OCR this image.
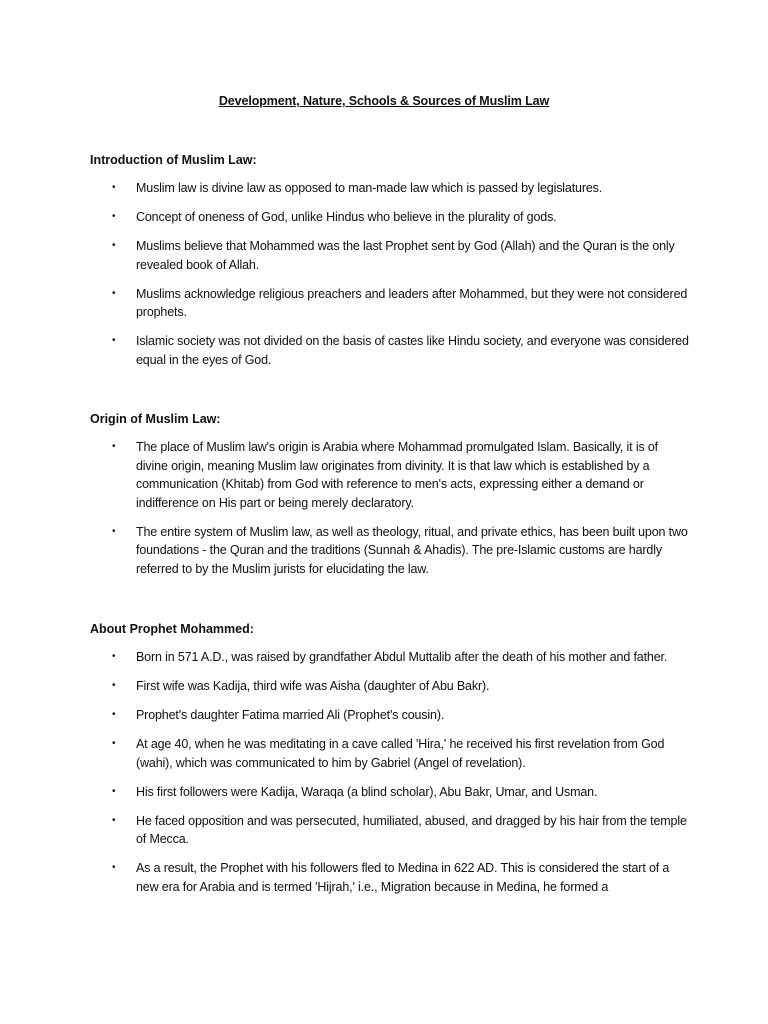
Development, Nature, Schools & Sources of Muslim Law
Introduction of Muslim Law:
• Muslim law is divine law as opposed to man-made law which is passed by legislatures.
• Concept of oneness of God, unlike Hindus who believe in the plurality of gods.
• Muslims believe that Mohammed was the last Prophet sent by God (Allah) and the Quran is the only revealed book of Allah.
• Muslims acknowledge religious preachers and leaders after Mohammed, but they were not considered prophets.
• Islamic society was not divided on the basis of castes like Hindu society, and everyone was considered equal in the eyes of God.
Origin of Muslim Law:
• The place of Muslim law's origin is Arabia where Mohammad promulgated Islam. Basically, it is of divine origin, meaning Muslim law originates from divinity. It is that law which is established by a communication (Khitab) from God with reference to men's acts, expressing either a demand or indifference on His part or being merely declaratory.
• The entire system of Muslim law, as well as theology, ritual, and private ethics, has been built upon two foundations - the Quran and the traditions (Sunnah & Ahadis). The pre-Islamic customs are hardly referred to by the Muslim jurists for elucidating the law.
About Prophet Mohammed:
• Born in 571 A.D., was raised by grandfather Abdul Muttalib after the death of his mother and father.
• First wife was Kadija, third wife was Aisha (daughter of Abu Bakr).
• Prophet's daughter Fatima married Ali (Prophet's cousin).
• At age 40, when he was meditating in a cave called 'Hira,' he received his first revelation from God (wahi), which was communicated to him by Gabriel (Angel of revelation).
• His first followers were Kadija, Waraqa (a blind scholar), Abu Bakr, Umar, and Usman.
• He faced opposition and was persecuted, humiliated, abused, and dragged by his hair from the temple of Mecca.
• As a result, the Prophet with his followers fled to Medina in 622 AD. This is considered the start of a new era for Arabia and is termed 'Hijrah,' i.e., Migration because in Medina, he formed a
